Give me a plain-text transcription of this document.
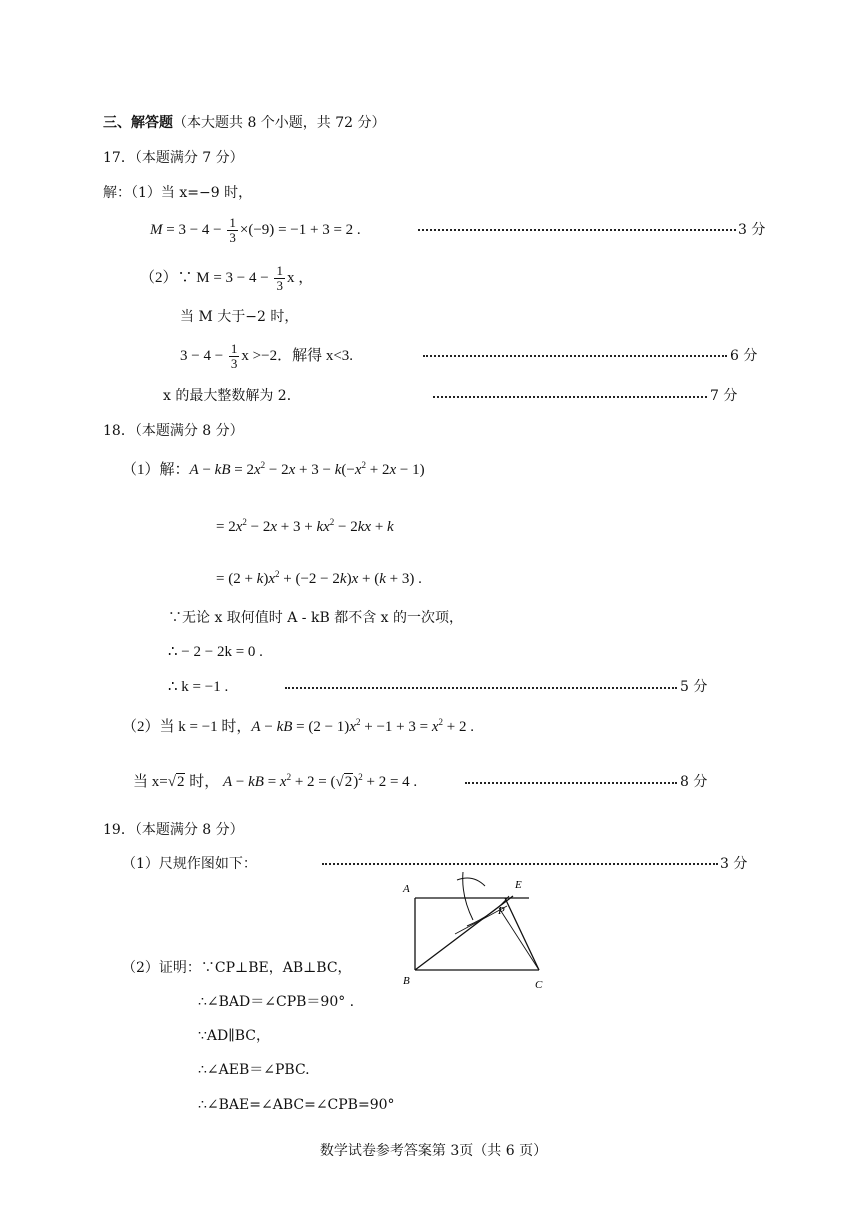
三、解答题（本大题共 8 个小题，共 72 分）
17．（本题满分 7 分）
解：（1）当 x=−9 时，
$M = 3 - 4 - \frac{1}{3} \times(-9) = -1 + 3 = 2$ .	3 分
（2）∵ $M = 3 - 4 - \frac{1}{3}$ x ，
当 M 大于−2 时，
$3 - 4 - \frac{1}{3}$ x >−2．解得 x<3.	6 分
x 的最大整数解为 2．	7 分
18．（本题满分 8 分）
（1）解：A − kB = $2x^2 - 2x + 3 - k(-x^2 + 2x - 1)$
= $2x^2 - 2x + 3 + kx^2 - 2kx + k$
= $(2 + k)x^2 + (-2 - 2k)x + (k + 3)$ .
∵无论 x 取何值时 A - kB 都不含 x 的一次项，
∴ − 2 − 2k = 0 .
∴ k = −1 .	5 分
（2）当 k = −1 时，A − kB = $(2 - 1)x^2 + -1 + 3 = x^2 + 2$ .
当 x=√2 时， A − kB = $x^2 + 2 = (√2)^2 + 2 = 4$ .	8 分
19．（本题满分 8 分）
（1）尺规作图如下：	3 分
A
B	C
E
P
（2）证明：∵CP⊥BE，AB⊥BC，
∴∠BAD＝∠CPB＝90° .
∵AD∥BC，
∴∠AEB＝∠PBC.
∴∠BAE=∠ABC=∠CPB=90°
数学试卷参考答案第 3页（共 6 页）
